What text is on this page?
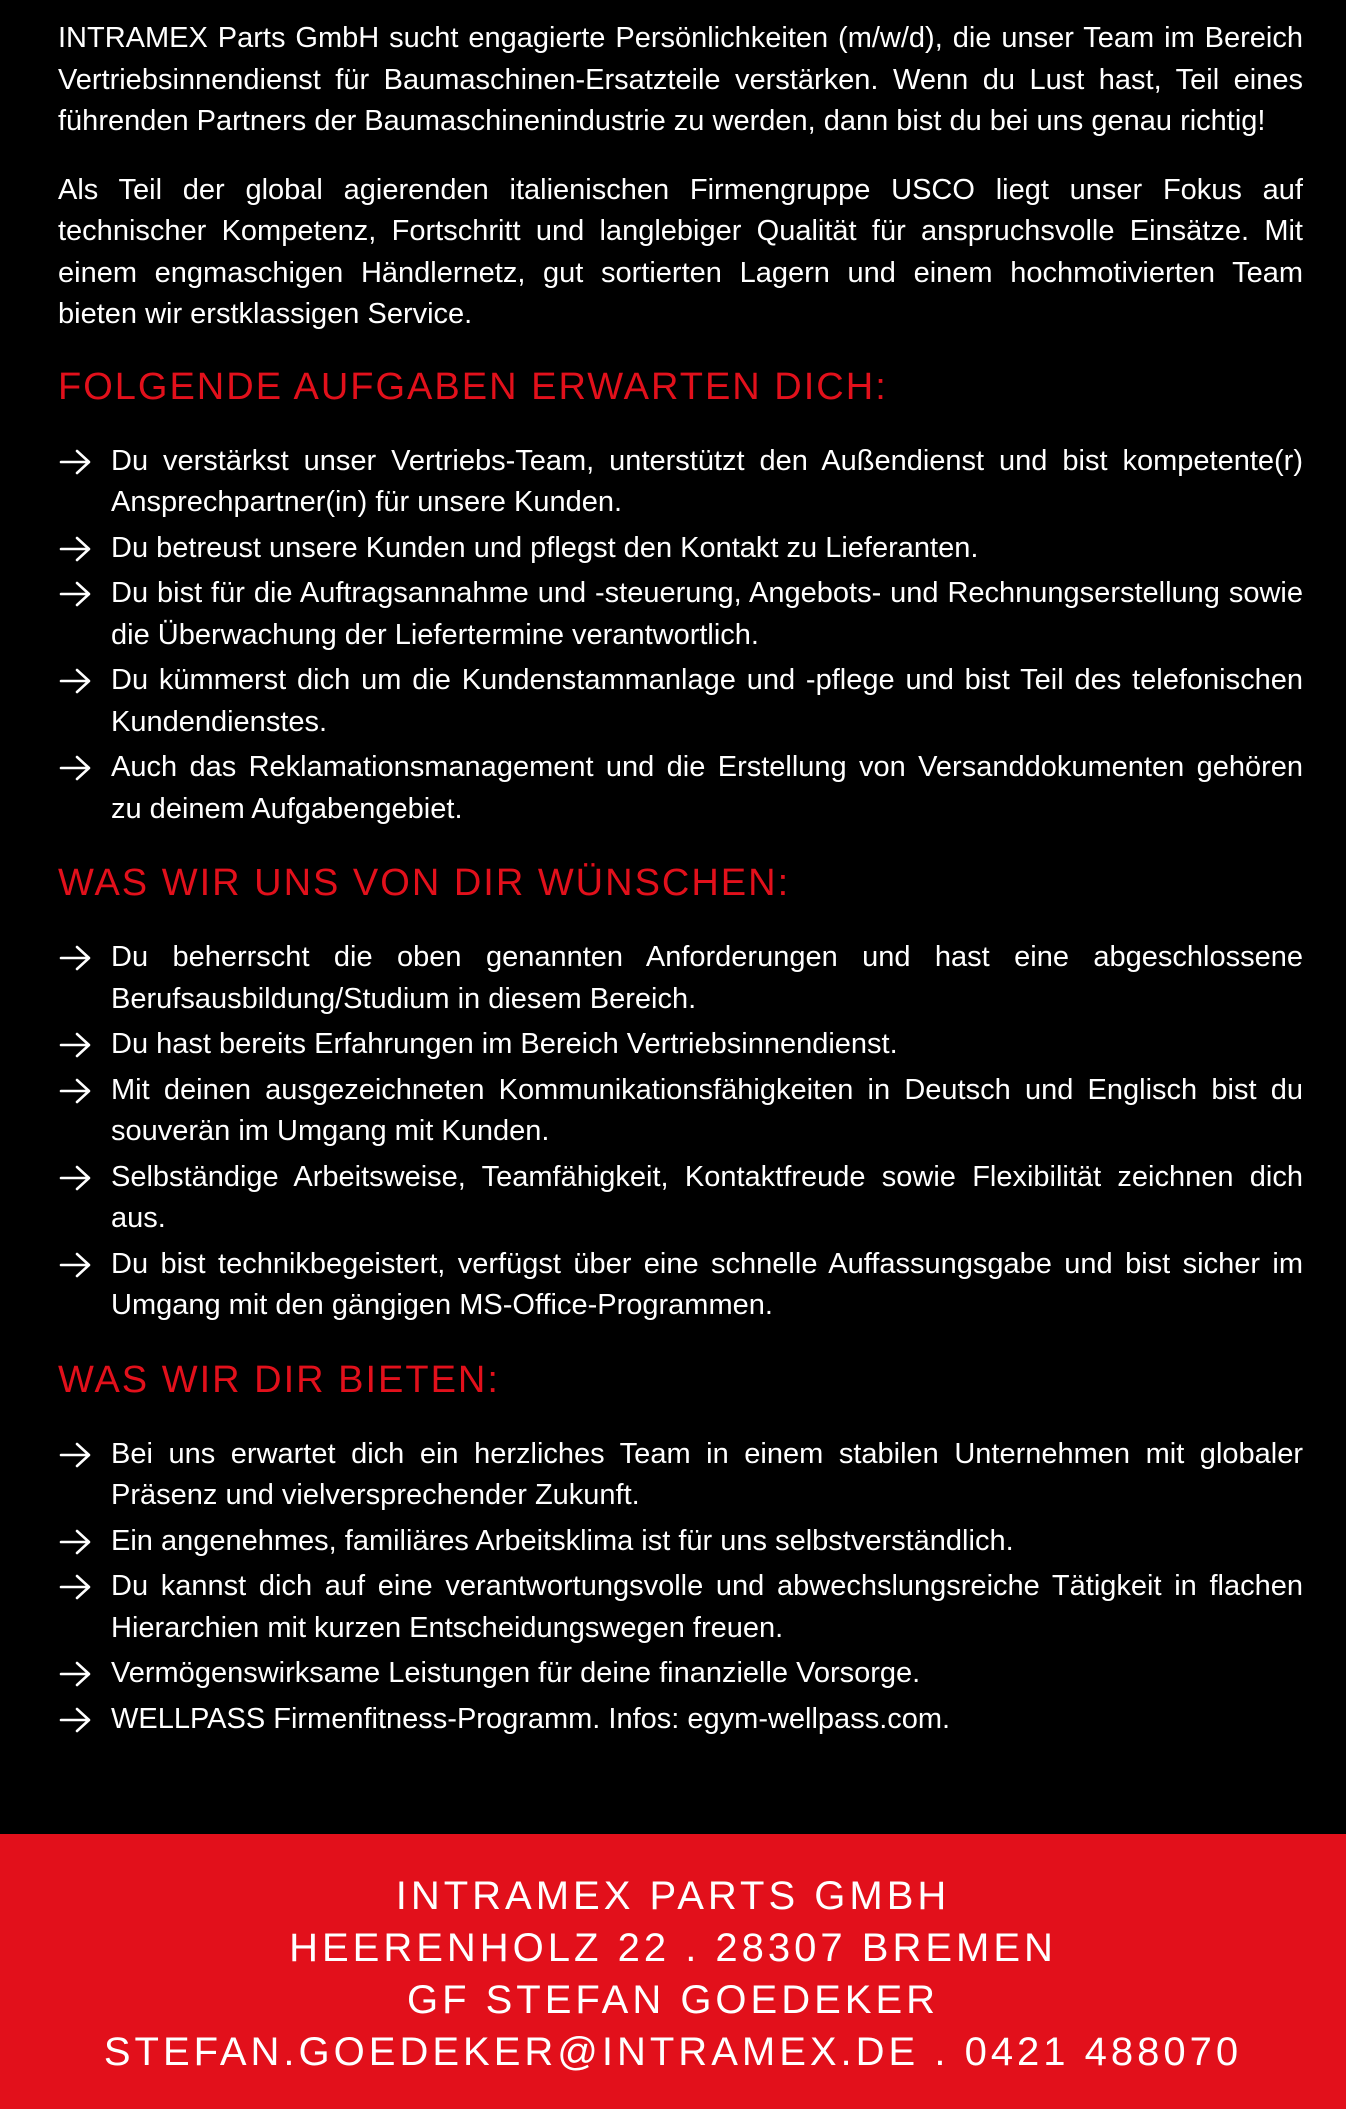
INTRAMEX Parts GmbH sucht engagierte Persönlichkeiten (m/w/d), die unser Team im Bereich Vertriebsinnendienst für Baumaschinen-Ersatzteile verstärken. Wenn du Lust hast, Teil eines führenden Partners der Baumaschinenindustrie zu werden, dann bist du bei uns genau richtig!

Als Teil der global agierenden italienischen Firmengruppe USCO liegt unser Fokus auf technischer Kompetenz, Fortschritt und langlebiger Qualität für anspruchsvolle Einsätze. Mit einem engmaschigen Händlernetz, gut sortierten Lagern und einem hochmotivierten Team bieten wir erstklassigen Service.

FOLGENDE AUFGABEN ERWARTEN DICH:
Du verstärkst unser Vertriebs-Team, unterstützt den Außendienst und bist kompetente(r) Ansprechpartner(in) für unsere Kunden.
Du betreust unsere Kunden und pflegst den Kontakt zu Lieferanten.
Du bist für die Auftragsannahme und -steuerung, Angebots- und Rechnungserstellung sowie die Überwachung der Liefertermine verantwortlich.
Du kümmerst dich um die Kundenstammanlage und -pflege und bist Teil des telefonischen Kundendienstes.
Auch das Reklamationsmanagement und die Erstellung von Versanddokumenten gehören zu deinem Aufgabengebiet.
WAS WIR UNS VON DIR WÜNSCHEN:
Du beherrscht die oben genannten Anforderungen und hast eine abgeschlossene Berufsausbildung/Studium in diesem Bereich.
Du hast bereits Erfahrungen im Bereich Vertriebsinnendienst.
Mit deinen ausgezeichneten Kommunikationsfähigkeiten in Deutsch und Englisch bist du souverän im Umgang mit Kunden.
Selbständige Arbeitsweise, Teamfähigkeit, Kontaktfreude sowie Flexibilität zeichnen dich aus.
Du bist technikbegeistert, verfügst über eine schnelle Auffassungsgabe und bist sicher im Umgang mit den gängigen MS-Office-Programmen.
WAS WIR DIR BIETEN:
Bei uns erwartet dich ein herzliches Team in einem stabilen Unternehmen mit globaler Präsenz und vielversprechender Zukunft.
Ein angenehmes, familiäres Arbeitsklima ist für uns selbstverständlich.
Du kannst dich auf eine verantwortungsvolle und abwechslungsreiche Tätigkeit in flachen Hierarchien mit kurzen Entscheidungswegen freuen.
Vermögenswirksame Leistungen für deine finanzielle Vorsorge.
WELLPASS Firmenfitness-Programm. Infos: egym-wellpass.com.
INTRAMEX PARTS GMBH
HEERENHOLZ 22 . 28307 BREMEN
GF STEFAN GOEDEKER
STEFAN.GOEDEKER@INTRAMEX.DE . 0421 488070
